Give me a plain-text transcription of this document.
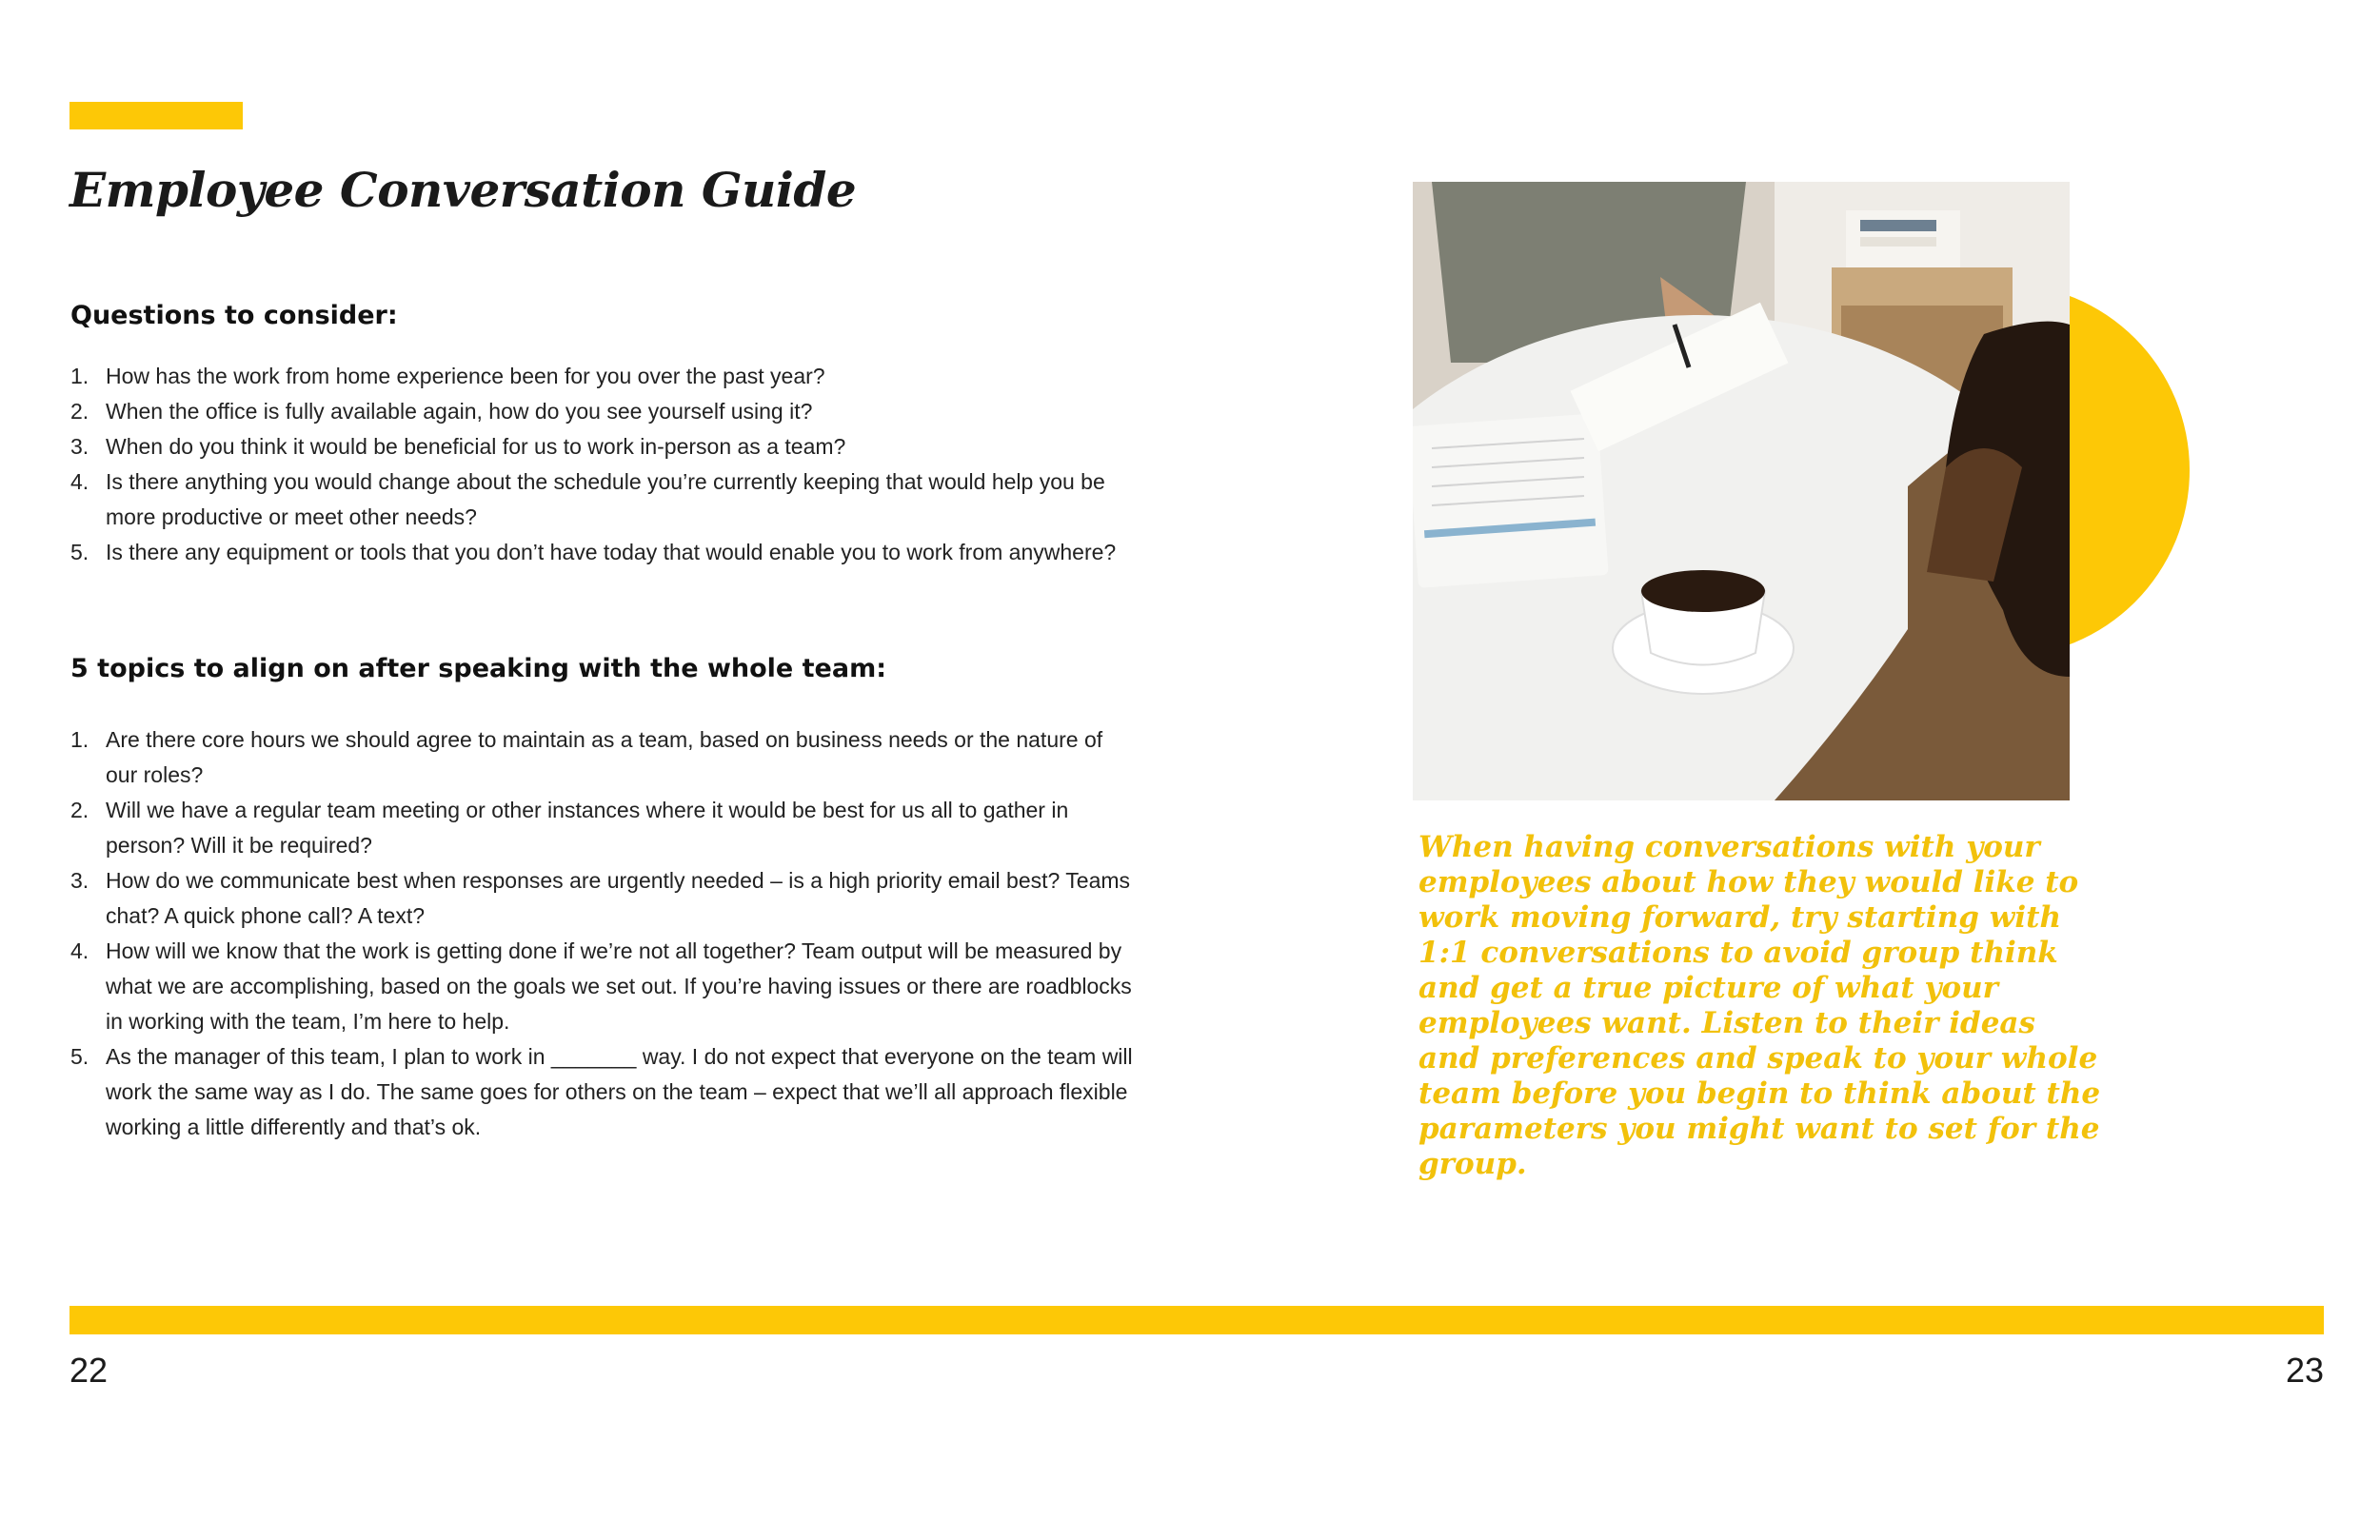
Employee Conversation Guide
Questions to consider:
1. How has the work from home experience been for you over the past year?
2. When the office is fully available again, how do you see yourself using it?
3. When do you think it would be beneficial for us to work in-person as a team?
4. Is there anything you would change about the schedule you’re currently keeping that would help you be more productive or meet other needs?
5. Is there any equipment or tools that you don’t have today that would enable you to work from anywhere?
5 topics to align on after speaking with the whole team:
1. Are there core hours we should agree to maintain as a team, based on business needs or the nature of our roles?
2. Will we have a regular team meeting or other instances where it would be best for us all to gather in person? Will it be required?
3. How do we communicate best when responses are urgently needed – is a high priority email best? Teams chat? A quick phone call? A text?
4. How will we know that the work is getting done if we’re not all together? Team output will be measured by what we are accomplishing, based on the goals we set out. If you’re having issues or there are roadblocks in working with the team, I’m here to help.
5. As the manager of this team, I plan to work in _______ way. I do not expect that everyone on the team will work the same way as I do. The same goes for others on the team – expect that we’ll all approach flexible working a little differently and that’s ok.

When having conversations with your employees about how they would like to work moving forward, try starting with 1:1 conversations to avoid group think and get a true picture of what your employees want. Listen to their ideas and preferences and speak to your whole team before you begin to think about the parameters you might want to set for the group.

22	23
